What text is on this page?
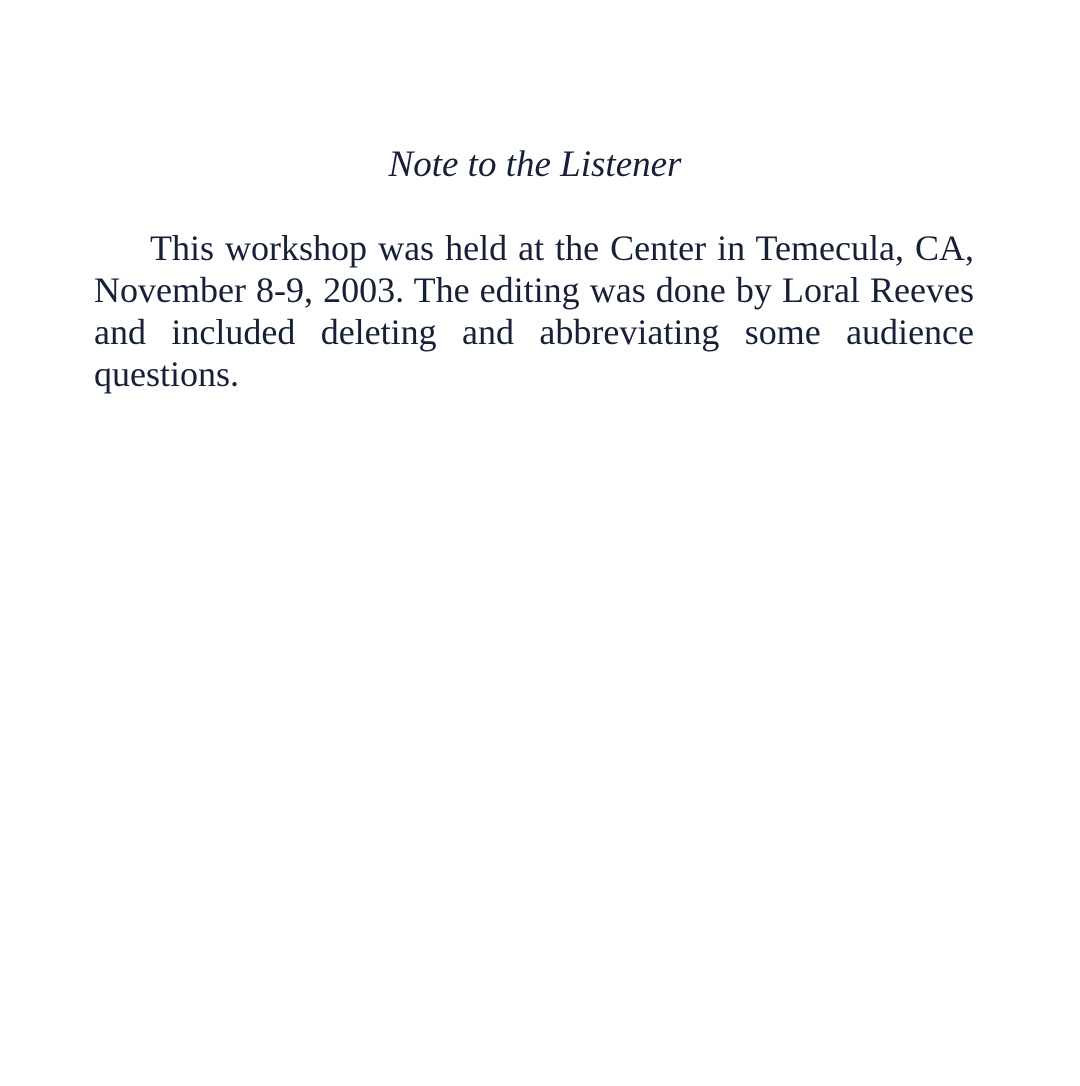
Note to the Listener

This workshop was held at the Center in Temecula, CA, November 8-9, 2003. The editing was done by Loral Reeves and included deleting and abbreviating some audience questions.
